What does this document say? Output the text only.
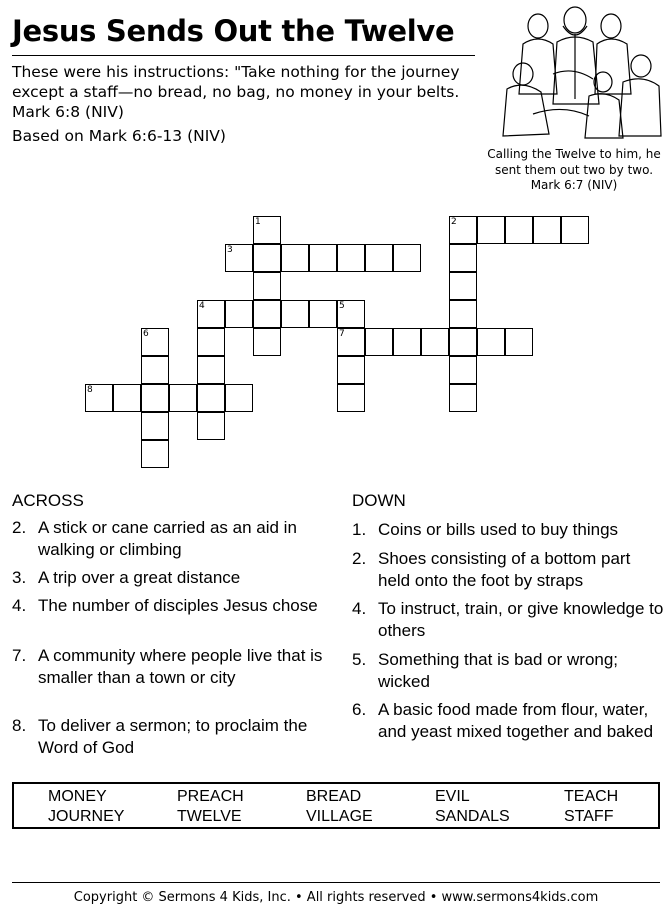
Jesus Sends Out the Twelve
These were his instructions: "Take nothing for the journey except a staff—no bread, no bag, no money in your belts. Mark 6:8 (NIV)
Based on Mark 6:6-13 (NIV)
Calling the Twelve to him, he
sent them out two by two.
Mark 6:7 (NIV)
1	2
3
4	5
7
6
8
ACROSS	DOWN
2. A stick or cane carried as an aid in walking or climbing
3. A trip over a great distance
4. The number of disciples Jesus chose
7. A community where people live that is smaller than a town or city
8. To deliver a sermon; to proclaim the Word of God
1. Coins or bills used to buy things
2. Shoes consisting of a bottom part held onto the foot by straps
4. To instruct, train, or give knowledge to others
5. Something that is bad or wrong; wicked
6. A basic food made from flour, water, and yeast mixed together and baked
MONEY	PREACH	BREAD	EVIL	TEACH
JOURNEY	TWELVE	VILLAGE	SANDALS	STAFF
Copyright © Sermons 4 Kids, Inc. • All rights reserved • www.sermons4kids.com
